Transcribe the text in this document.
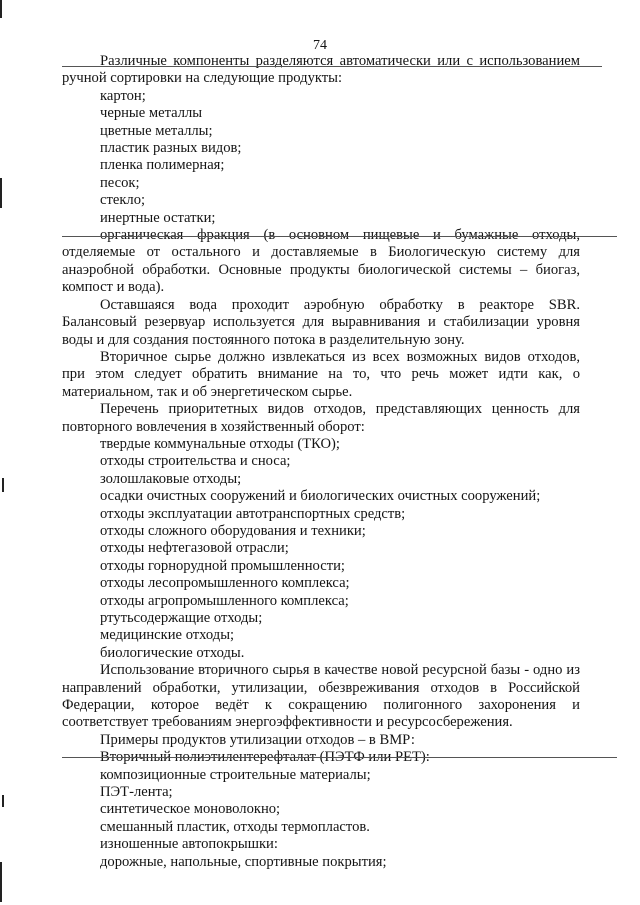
74
Различные компоненты разделяются автоматически или с использованием ручной сортировки на следующие продукты:
картон;
черные металлы
цветные металлы;
пластик разных видов;
пленка полимерная;
песок;
стекло;
инертные остатки;
органическая фракция (в основном пищевые и бумажные отходы, отделяемые от остального и доставляемые в Биологическую систему для анаэробной обработки. Основные продукты биологической системы – биогаз, компост и вода).
Оставшаяся вода проходит аэробную обработку в реакторе SBR. Балансовый резервуар используется для выравнивания и стабилизации уровня воды и для создания постоянного потока в разделительную зону.
Вторичное сырье должно извлекаться из всех возможных видов отходов, при этом следует обратить внимание на то, что речь может идти как, о материальном, так и об энергетическом сырье.
Перечень приоритетных видов отходов, представляющих ценность для повторного вовлечения в хозяйственный оборот:
твердые коммунальные отходы (ТКО);
отходы строительства и сноса;
золошлаковые отходы;
осадки очистных сооружений и биологических очистных сооружений;
отходы эксплуатации автотранспортных средств;
отходы сложного оборудования и техники;
отходы нефтегазовой отрасли;
отходы горнорудной промышленности;
отходы лесопромышленного комплекса;
отходы агропромышленного комплекса;
ртутьсодержащие отходы;
медицинские отходы;
биологические отходы.
Использование вторичного сырья в качестве новой ресурсной базы - одно из направлений обработки, утилизации, обезвреживания отходов в Российской Федерации, которое ведёт к сокращению полигонного захоронения и соответствует требованиям энергоэффективности и ресурсосбережения.
Примеры продуктов утилизации отходов – в ВМР:
Вторичный полиэтилентерефталат (ПЭТФ или PET):
композиционные строительные материалы;
ПЭТ-лента;
синтетическое моноволокно;
смешанный пластик, отходы термопластов.
изношенные автопокрышки:
дорожные, напольные, спортивные покрытия;
